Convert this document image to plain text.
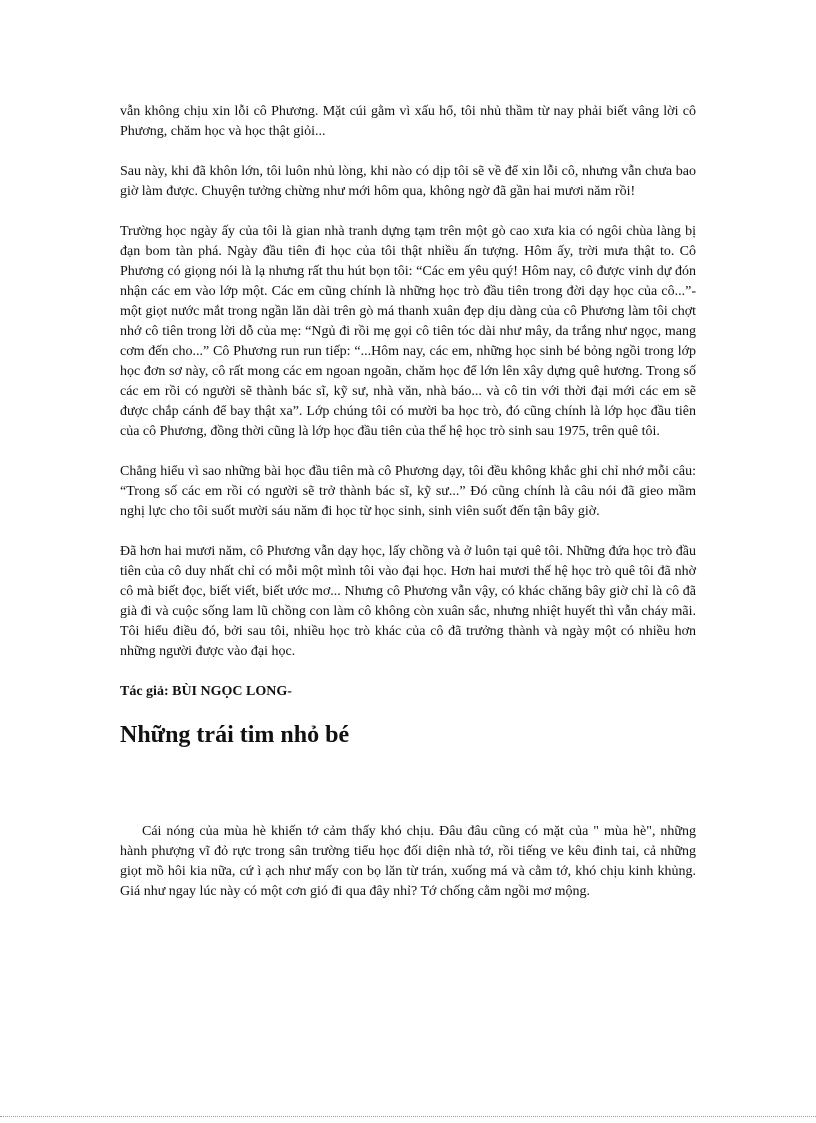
vẫn không chịu xin lỗi cô Phương. Mặt cúi gằm vì xấu hổ, tôi nhủ thầm từ nay phải biết vâng lời cô Phương, chăm học và học thật giỏi...

Sau này, khi đã khôn lớn, tôi luôn nhủ lòng, khi nào có dịp tôi sẽ về để xin lỗi cô, nhưng vẫn chưa bao giờ làm được. Chuyện tưởng chừng như mới hôm qua, không ngờ đã gần hai mươi năm rồi!

Trường học ngày ấy của tôi là gian nhà tranh dựng tạm trên một gò cao xưa kia có ngôi chùa làng bị đạn bom tàn phá. Ngày đầu tiên đi học của tôi thật nhiều ấn tượng. Hôm ấy, trời mưa thật to. Cô Phương có giọng nói là lạ nhưng rất thu hút bọn tôi: “Các em yêu quý! Hôm nay, cô được vinh dự đón nhận các em vào lớp một. Các em cũng chính là những học trò đầu tiên trong đời dạy học của cô...”- một giọt nước mắt trong ngần lăn dài trên gò má thanh xuân đẹp dịu dàng của cô Phương làm tôi chợt nhớ cô tiên trong lời dỗ của mẹ: “Ngủ đi rồi mẹ gọi cô tiên tóc dài như mây, da trắng như ngọc, mang cơm đến cho...” Cô Phương run run tiếp: “...Hôm nay, các em, những học sinh bé bỏng ngồi trong lớp học đơn sơ này, cô rất mong các em ngoan ngoãn, chăm học để lớn lên xây dựng quê hương. Trong số các em rồi có người sẽ thành bác sĩ, kỹ sư, nhà văn, nhà báo... và cô tin với thời đại mới các em sẽ được chắp cánh để bay thật xa”. Lớp chúng tôi có mười ba học trò, đó cũng chính là lớp học đầu tiên của cô Phương, đồng thời cũng là lớp học đầu tiên của thế hệ học trò sinh sau 1975, trên quê tôi.

Chẳng hiểu vì sao những bài học đầu tiên mà cô Phương dạy, tôi đều không khắc ghi chỉ nhớ mỗi câu: “Trong số các em rồi có người sẽ trở thành bác sĩ, kỹ sư...” Đó cũng chính là câu nói đã gieo mầm nghị lực cho tôi suốt mười sáu năm đi học từ học sinh, sinh viên suốt đến tận bây giờ.

Đã hơn hai mươi năm, cô Phương vẫn dạy học, lấy chồng và ở luôn tại quê tôi. Những đứa học trò đầu tiên của cô duy nhất chỉ có mỗi một mình tôi vào đại học. Hơn hai mươi thế hệ học trò quê tôi đã nhờ cô mà biết đọc, biết viết, biết ước mơ... Nhưng cô Phương vẫn vậy, có khác chăng bây giờ chỉ là cô đã già đi và cuộc sống lam lũ chồng con làm cô không còn xuân sắc, nhưng nhiệt huyết thì vẫn cháy mãi. Tôi hiểu điều đó, bởi sau tôi, nhiều học trò khác của cô đã trưởng thành và ngày một có nhiều hơn những người được vào đại học.

Tác giả: BÙI NGỌC LONG-
Những trái tim nhỏ bé

Cái nóng của mùa hè khiến tớ cảm thấy khó chịu. Đâu đâu cũng có mặt của " mùa hè", những hành phượng vĩ đỏ rực trong sân trường tiểu học đối diện nhà tớ, rồi tiếng ve kêu đinh tai, cả những giọt mồ hôi kia nữa, cứ ì ạch như mấy con bọ lăn từ trán, xuống má và cằm tớ, khó chịu kinh khủng. Giá như ngay lúc này có một cơn gió đi qua đây nhỉ? Tớ chống cằm ngồi mơ mộng.
